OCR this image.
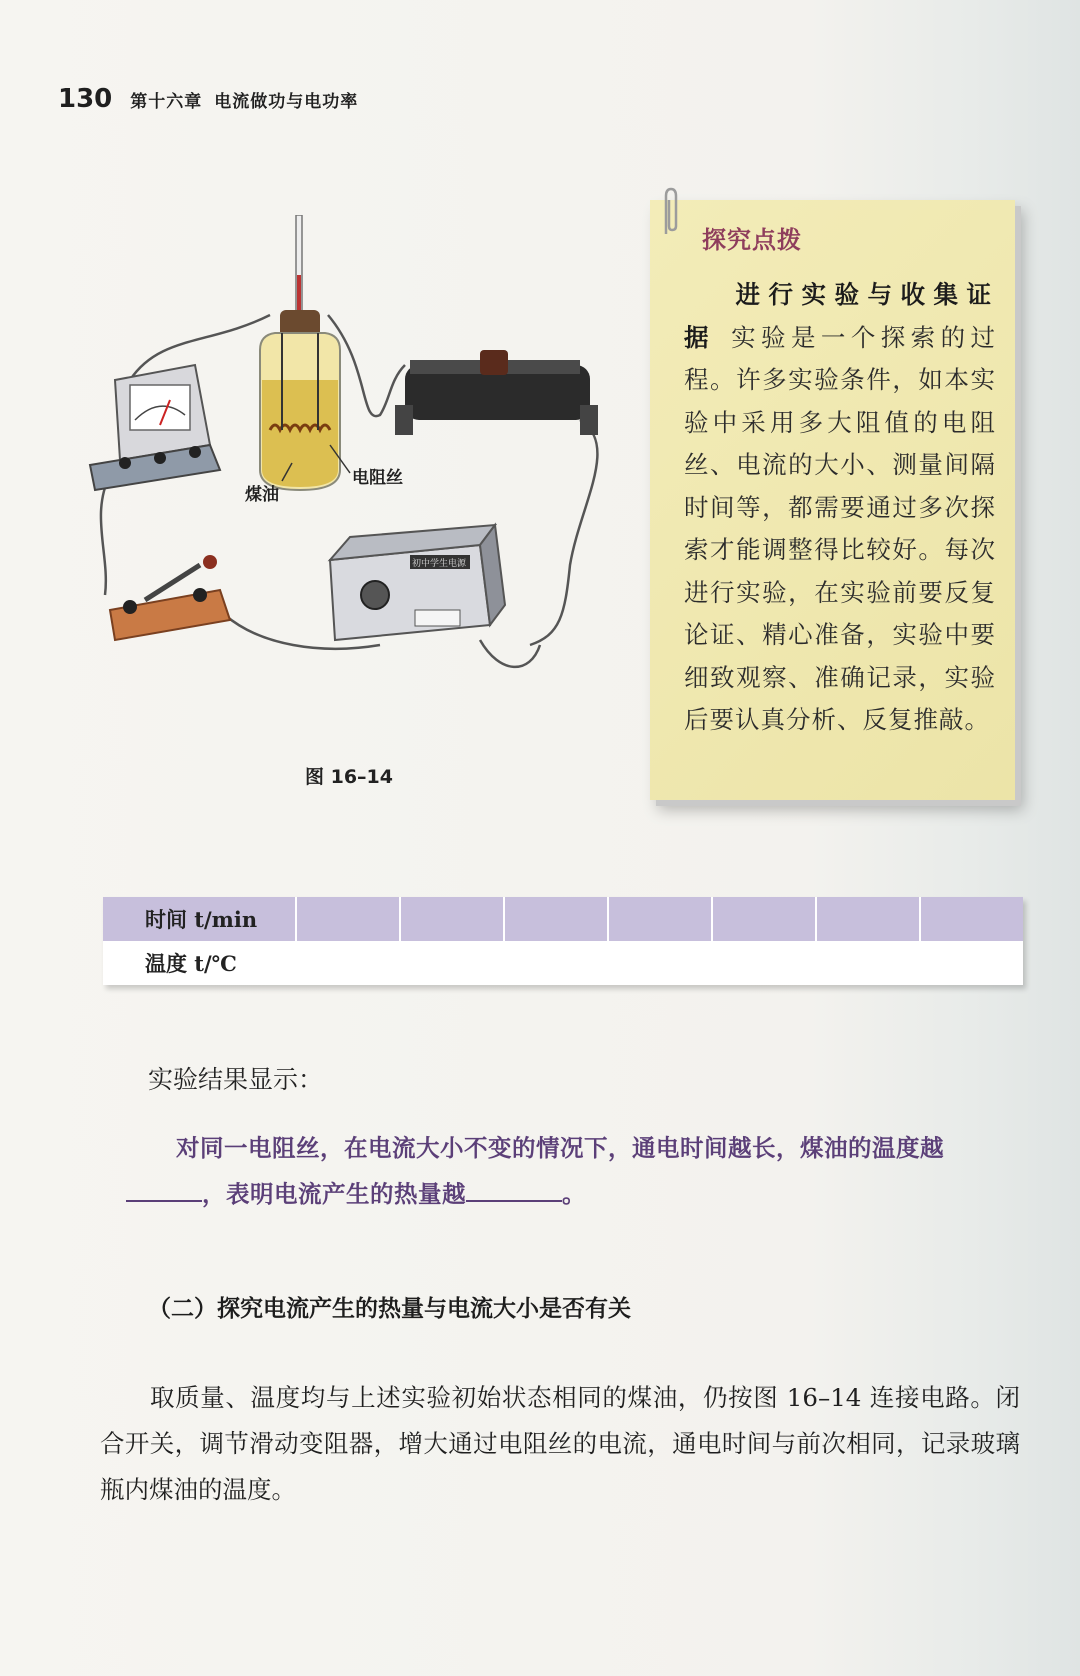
130 第十六章 电流做功与电功率
煤油
电阻丝
初中学生电源
图 16–14
探究点拨
进行实验与收集证据 实验是一个探索的过程。许多实验条件，如本实验中采用多大阻值的电阻丝、电流的大小、测量间隔时间等，都需要通过多次探索才能调整得比较好。每次进行实验，在实验前要反复论证、精心准备，实验中要细致观察、准确记录，实验后要认真分析、反复推敲。
时间 t/min							
温度 t/℃							
实验结果显示：
对同一电阻丝，在电流大小不变的情况下，通电时间越长，煤油的温度越 ，表明电流产生的热量越	。
（二）探究电流产生的热量与电流大小是否有关
取质量、温度均与上述实验初始状态相同的煤油，仍按图 16–14 连接电路。闭合开关，调节滑动变阻器，增大通过电阻丝的电流，通电时间与前次相同，记录玻璃瓶内煤油的温度。
